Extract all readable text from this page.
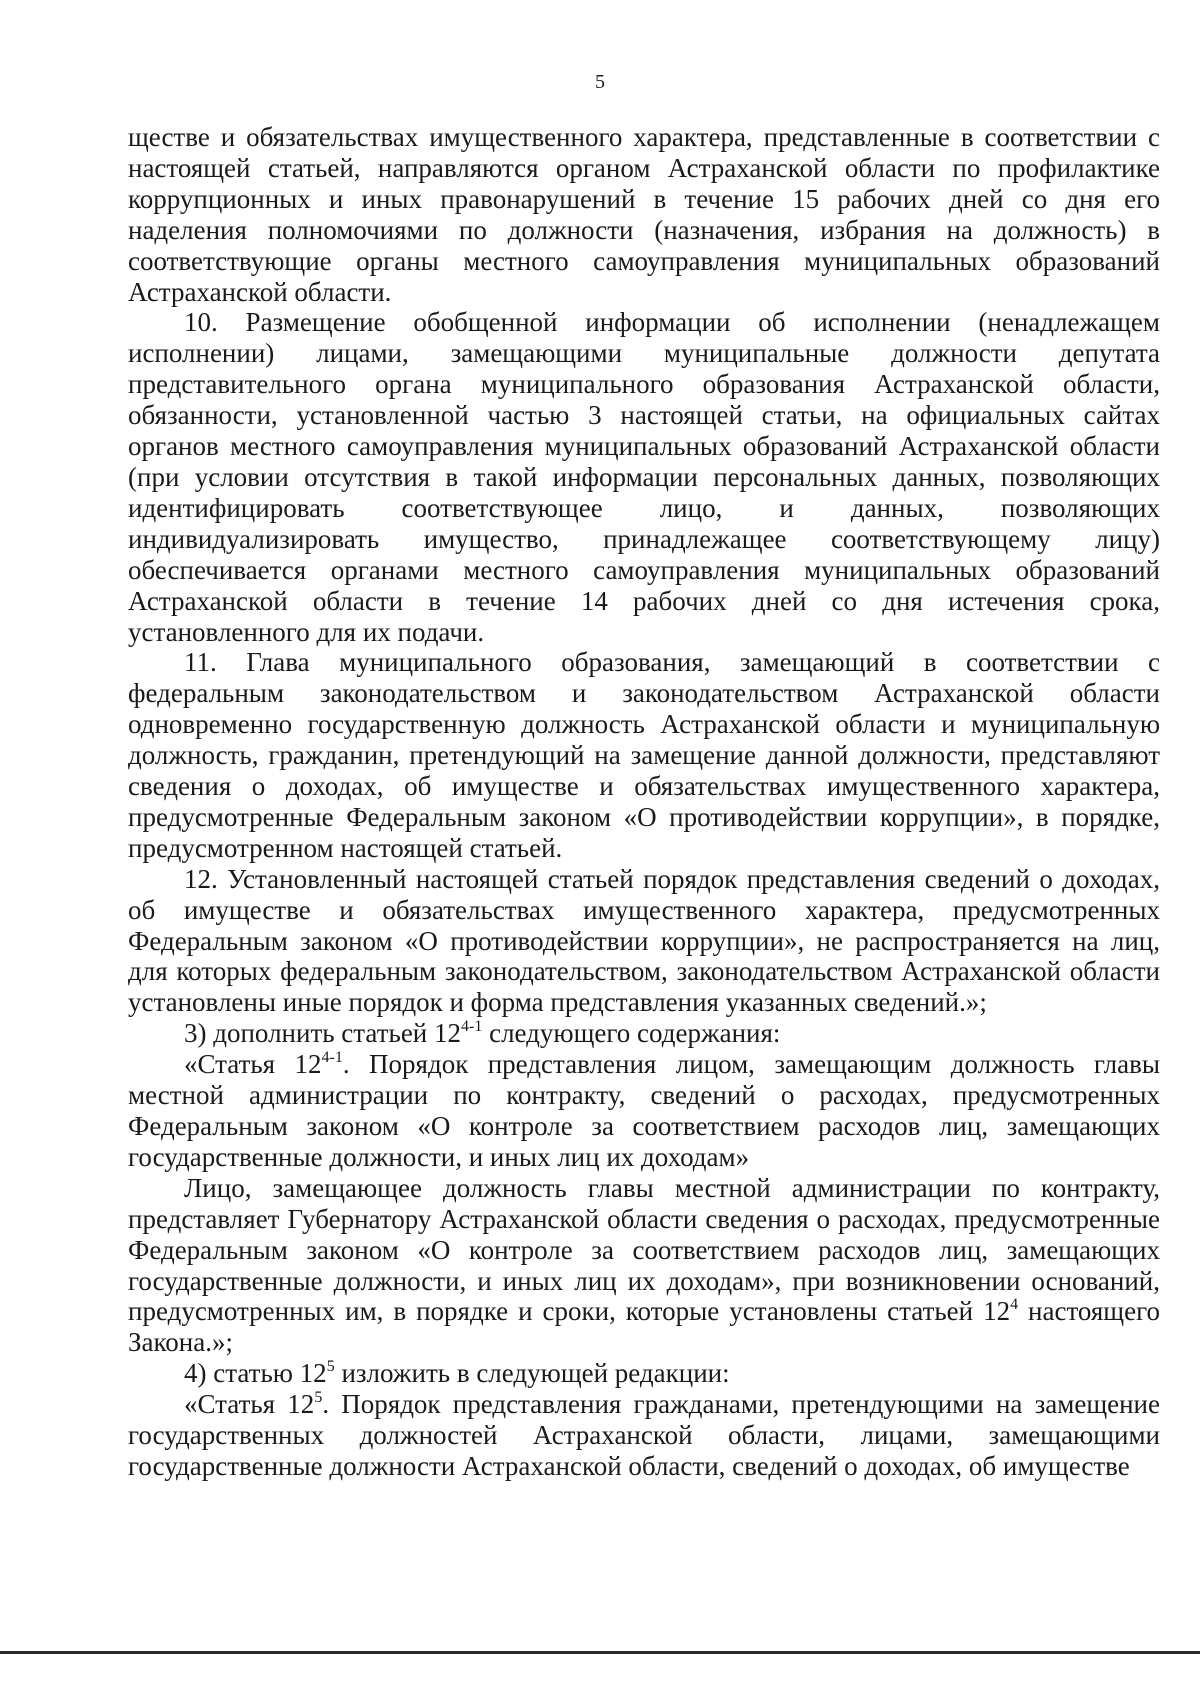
5

ществе и обязательствах имущественного характера, представленные в соответствии с настоящей статьей, направляются органом Астраханской области по профилактике коррупционных и иных правонарушений в течение 15 рабочих дней со дня его наделения полномочиями по должности (назначения, избрания на должность) в соответствующие органы местного самоуправления муниципальных образований Астраханской области.

10. Размещение обобщенной информации об исполнении (ненадлежащем исполнении) лицами, замещающими муниципальные должности депутата представительного органа муниципального образования Астраханской области, обязанности, установленной частью 3 настоящей статьи, на официальных сайтах органов местного самоуправления муниципальных образований Астраханской области (при условии отсутствия в такой информации персональных данных, позволяющих идентифицировать соответствующее лицо, и данных, позволяющих индивидуализировать имущество, принадлежащее соответствующему лицу) обеспечивается органами местного самоуправления муниципальных образований Астраханской области в течение 14 рабочих дней со дня истечения срока, установленного для их подачи.

11. Глава муниципального образования, замещающий в соответствии с федеральным законодательством и законодательством Астраханской области одновременно государственную должность Астраханской области и муниципальную должность, гражданин, претендующий на замещение данной должности, представляют сведения о доходах, об имуществе и обязательствах имущественного характера, предусмотренные Федеральным законом «О противодействии коррупции», в порядке, предусмотренном настоящей статьей.

12. Установленный настоящей статьей порядок представления сведений о доходах, об имуществе и обязательствах имущественного характера, предусмотренных Федеральным законом «О противодействии коррупции», не распространяется на лиц, для которых федеральным законодательством, законодательством Астраханской области установлены иные порядок и форма представления указанных сведений.»;

3) дополнить статьей 12$^{4-1}$ следующего содержания:

«Статья 12$^{4-1}$. Порядок представления лицом, замещающим должность главы местной администрации по контракту, сведений о расходах, предусмотренных Федеральным законом «О контроле за соответствием расходов лиц, замещающих государственные должности, и иных лиц их доходам»

Лицо, замещающее должность главы местной администрации по контракту, представляет Губернатору Астраханской области сведения о расходах, предусмотренные Федеральным законом «О контроле за соответствием расходов лиц, замещающих государственные должности, и иных лиц их доходам», при возникновении оснований, предусмотренных им, в порядке и сроки, которые установлены статьей $12^4$ настоящего Закона.»;

4) статью $12^5$ изложить в следующей редакции:

«Статья $12^5$. Порядок представления гражданами, претендующими на замещение государственных должностей Астраханской области, лицами, замещающими государственные должности Астраханской области, сведений о доходах, об имуществе
